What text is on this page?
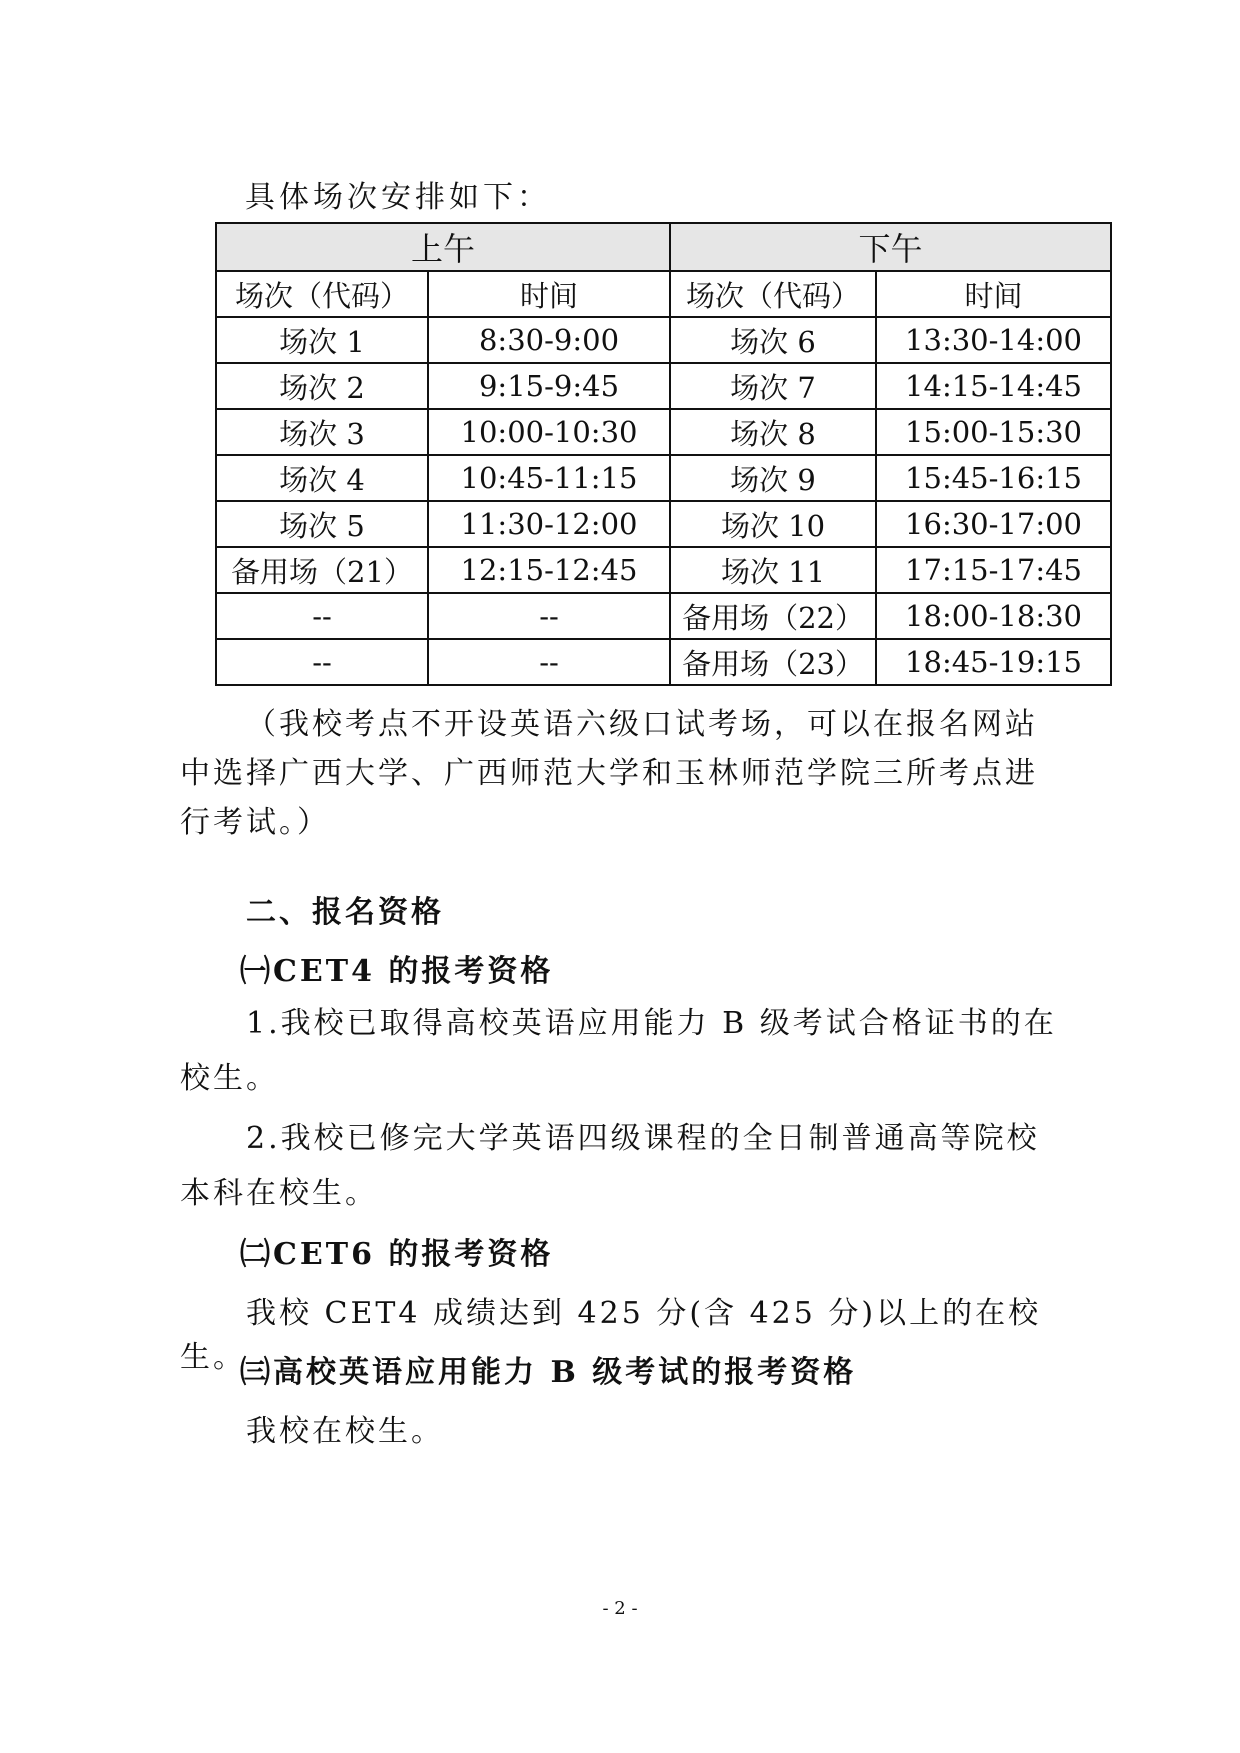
具体场次安排如下：
上午		下午	
场次（代码）	时间	场次（代码）	时间
场次 1	8:30-9:00	场次 6	13:30-14:00
场次 2	9:15-9:45	场次 7	14:15-14:45
场次 3	10:00-10:30	场次 8	15:00-15:30
场次 4	10:45-11:15	场次 9	15:45-16:15
场次 5	11:30-12:00	场次 10	16:30-17:00
备用场（21）	12:15-12:45	场次 11	17:15-17:45
--	--	备用场（22）	18:00-18:30
--	--	备用场（23）	18:45-19:15
（我校考点不开设英语六级口试考场，可以在报名网站中选择广西大学、广西师范大学和玉林师范学院三所考点进行考试。）
二、报名资格
㈠CET4 的报考资格
1.我校已取得高校英语应用能力 B 级考试合格证书的在校生。
2.我校已修完大学英语四级课程的全日制普通高等院校本科在校生。
㈡CET6 的报考资格
我校 CET4 成绩达到 425 分(含 425 分)以上的在校生。
㈢高校英语应用能力 B 级考试的报考资格
我校在校生。
- 2 -
